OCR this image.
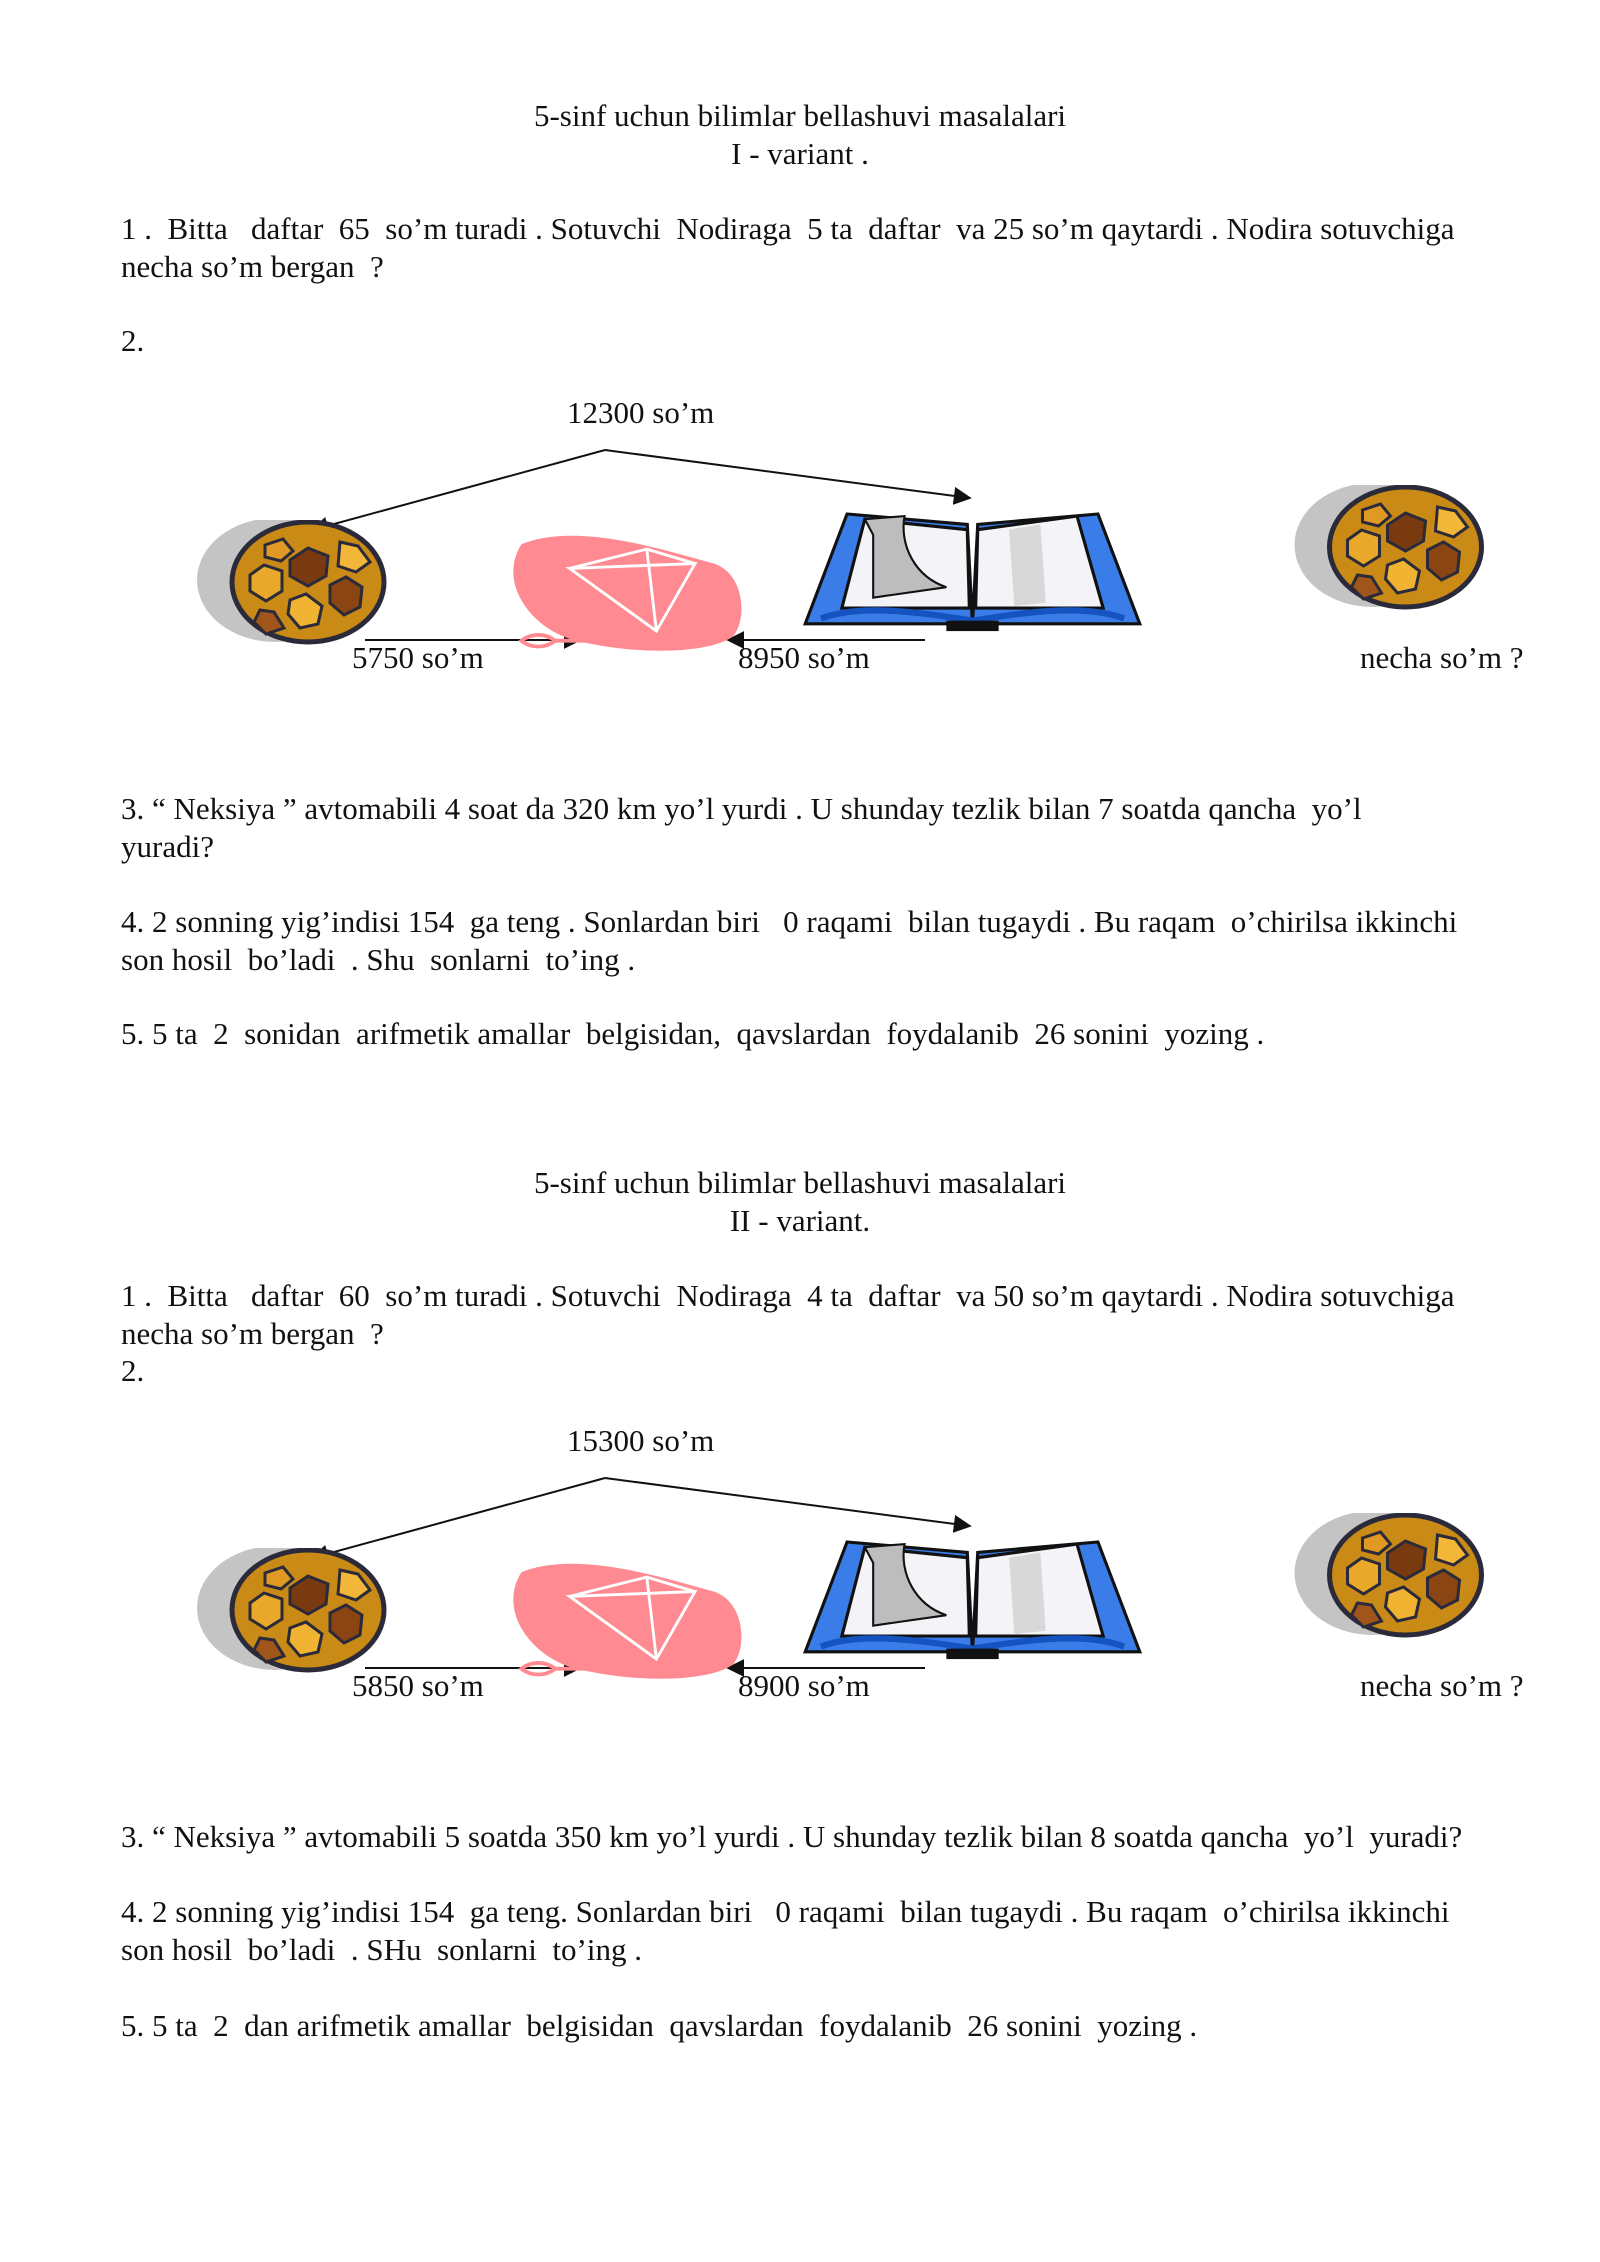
5-sinf uchun bilimlar bellashuvi masalalari
I - variant .
1 .  Bitta   daftar  65  so’m turadi . Sotuvchi  Nodiraga  5 ta  daftar  va 25 so’m qaytardi . Nodira sotuvchiga
necha so’m bergan  ?
2.
12300 so’m
5750 so’m	8950 so’m	necha so’m ?
3. “ Neksiya ” avtomabili 4 soat da 320 km yo’l yurdi . U shunday tezlik bilan 7 soatda qancha  yo’l
yuradi?
4. 2 sonning yig’indisi 154  ga teng . Sonlardan biri   0 raqami  bilan tugaydi . Bu raqam  o’chirilsa ikkinchi
son hosil  bo’ladi  . Shu  sonlarni  to’ing .
5. 5 ta  2  sonidan  arifmetik amallar  belgisidan,  qavslardan  foydalanib  26 sonini  yozing .
5-sinf uchun bilimlar bellashuvi masalalari
II - variant.
1 .  Bitta   daftar  60  so’m turadi . Sotuvchi  Nodiraga  4 ta  daftar  va 50 so’m qaytardi . Nodira sotuvchiga
necha so’m bergan  ?
2.
15300 so’m
5850 so’m	8900 so’m	necha so’m ?
3. “ Neksiya ” avtomabili 5 soatda 350 km yo’l yurdi . U shunday tezlik bilan 8 soatda qancha  yo’l  yuradi?
4. 2 sonning yig’indisi 154  ga teng. Sonlardan biri   0 raqami  bilan tugaydi . Bu raqam  o’chirilsa ikkinchi
son hosil  bo’ladi  . SHu  sonlarni  to’ing .
5. 5 ta  2  dan arifmetik amallar  belgisidan  qavslardan  foydalanib  26 sonini  yozing .
